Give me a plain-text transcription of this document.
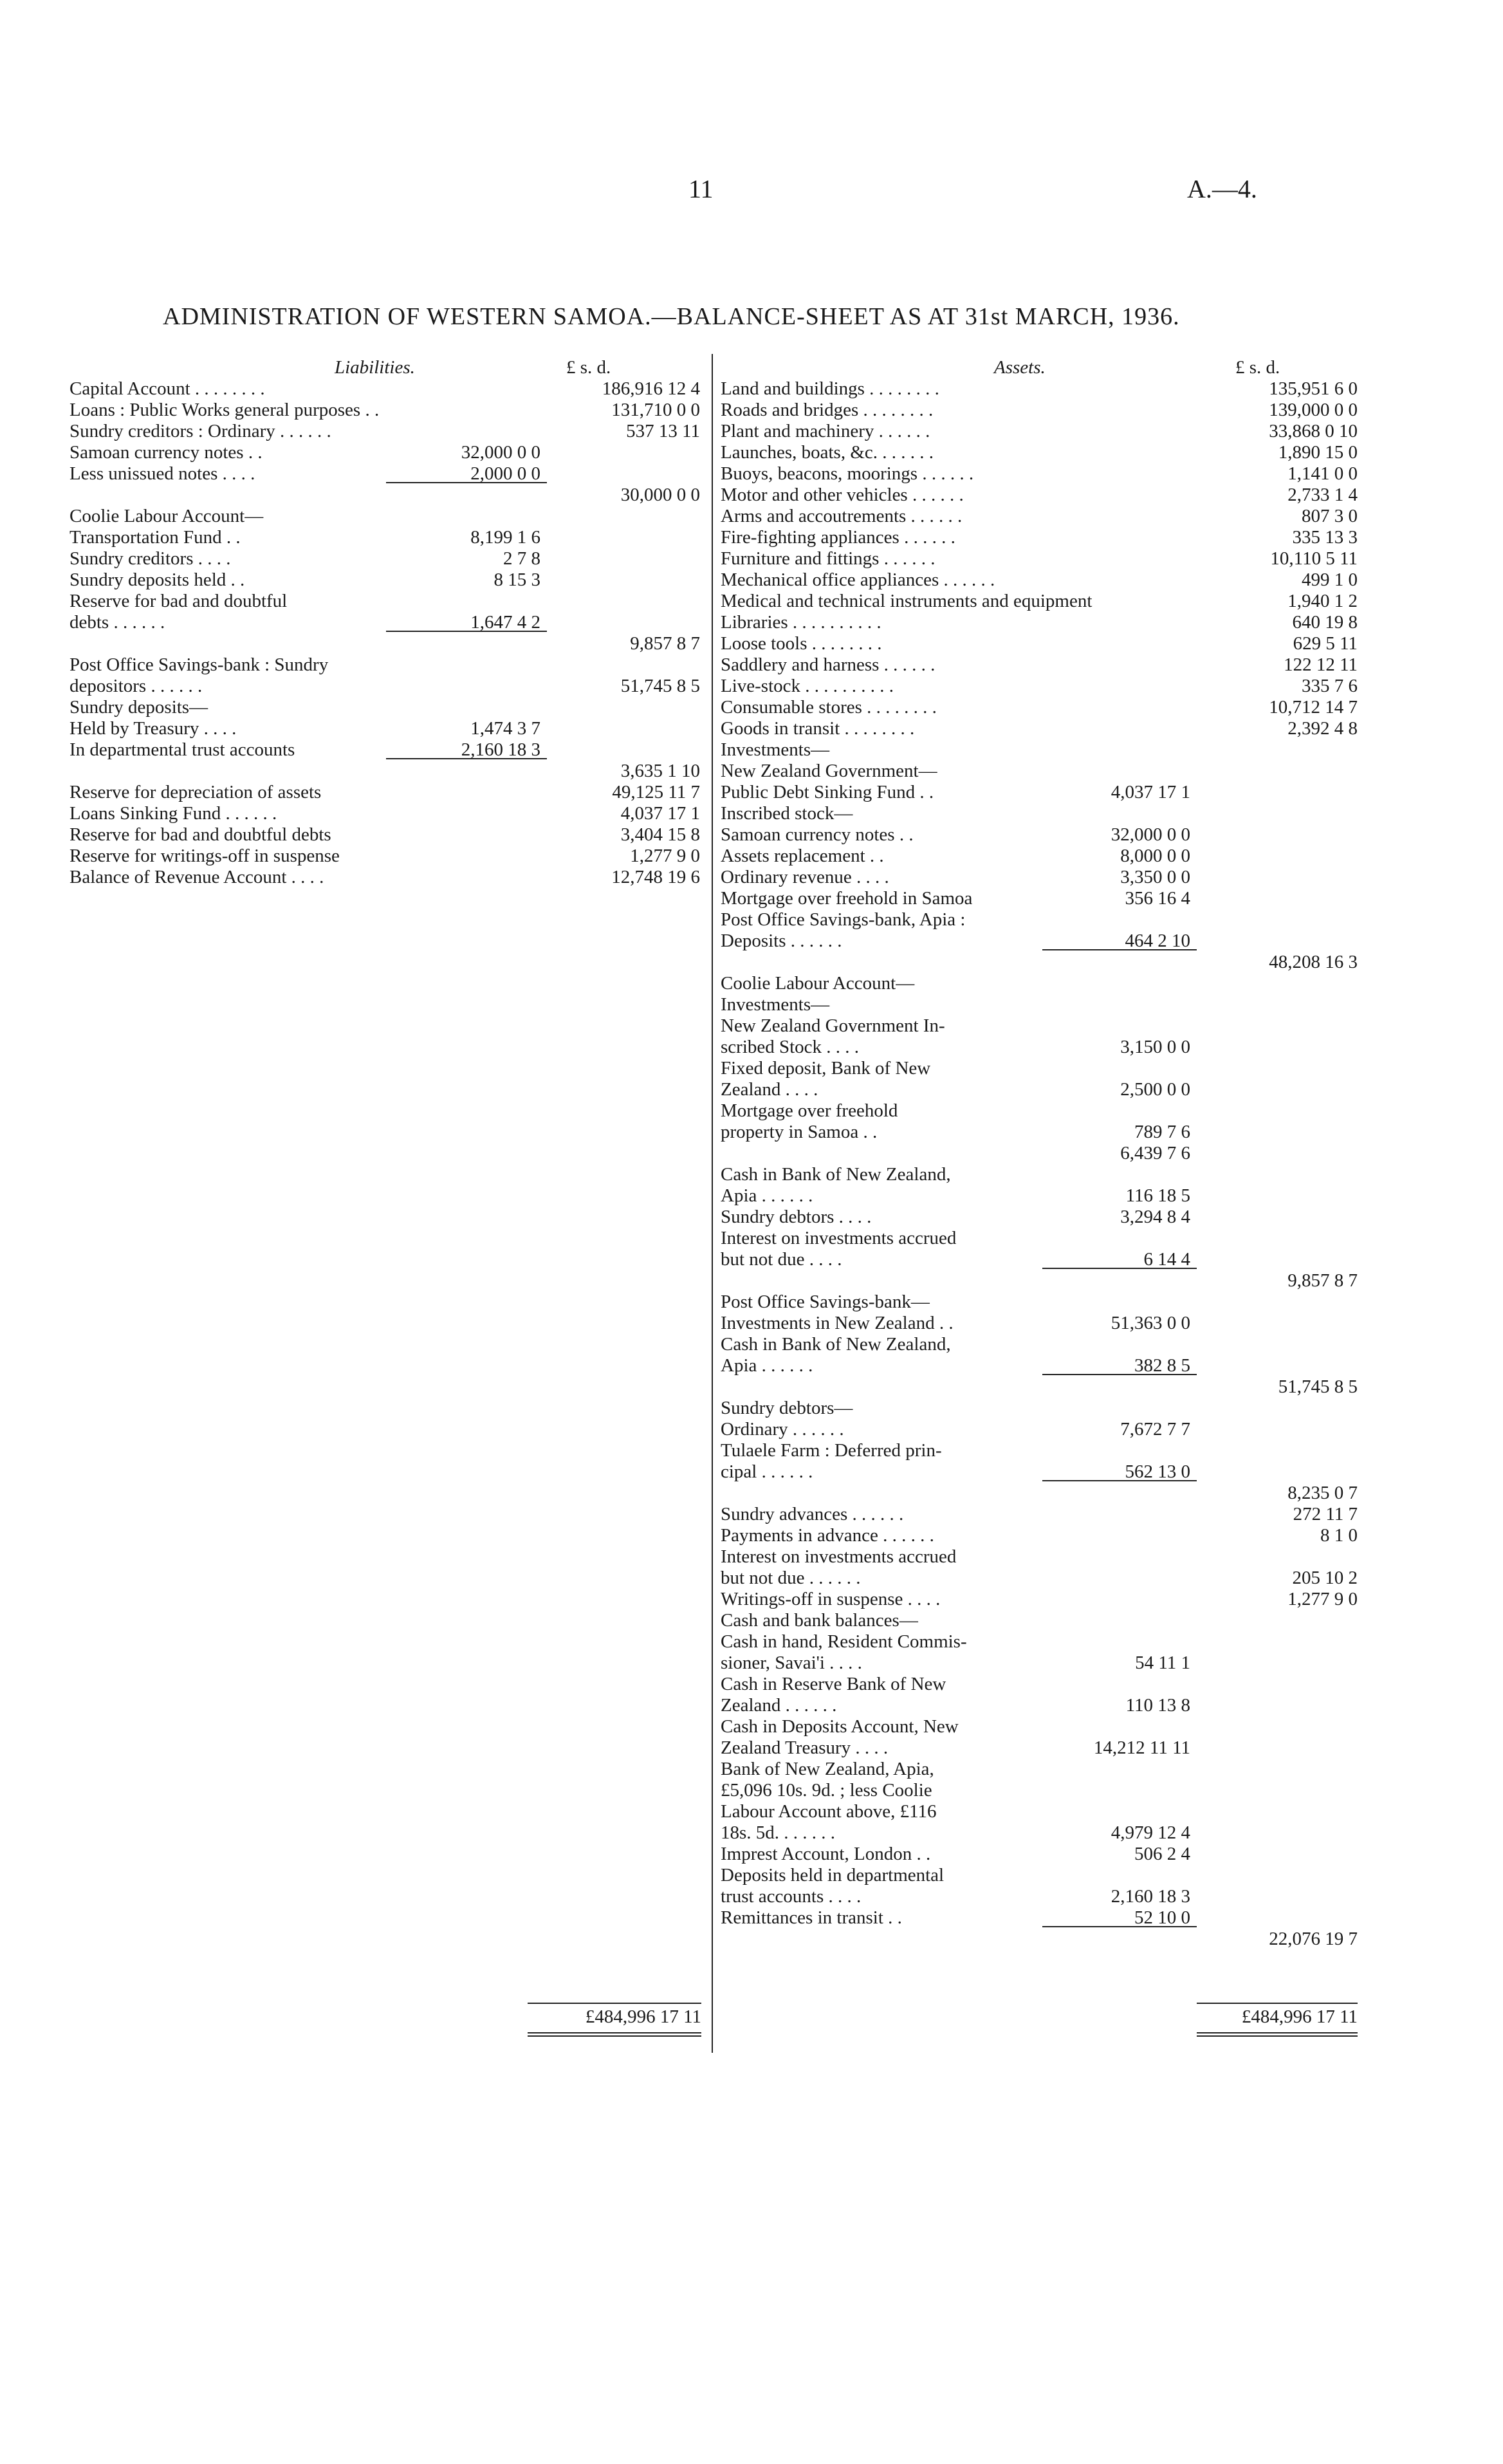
11	A.—4.
ADMINISTRATION OF WESTERN SAMOA.—BALANCE-SHEET AS AT 31st MARCH, 1936.
Liabilities.	£ s. d.
Capital Account . . . . . . . .	186,916 12 4
Loans : Public Works general purposes . .	131,710 0 0
Sundry creditors : Ordinary . . . . . .	537 13 11
Samoan currency notes . .	32,000 0 0
Less unissued notes . . . .	2,000 0 0
30,000 0 0
Coolie Labour Account—
Transportation Fund . .	8,199 1 6
Sundry creditors . . . .	2 7 8
Sundry deposits held . .	8 15 3
Reserve for bad and doubtful
debts . . . . . .	1,647 4 2
9,857 8 7
Post Office Savings-bank : Sundry
depositors . . . . . .	51,745 8 5
Sundry deposits—
Held by Treasury . . . .	1,474 3 7
In departmental trust accounts	2,160 18 3
3,635 1 10
Reserve for depreciation of assets	49,125 11 7
Loans Sinking Fund . . . . . .	4,037 17 1
Reserve for bad and doubtful debts	3,404 15 8
Reserve for writings-off in suspense	1,277 9 0
Balance of Revenue Account . . . .	12,748 19 6
Assets.	£ s. d.
Land and buildings . . . . . . . .	135,951 6 0
Roads and bridges . . . . . . . .	139,000 0 0
Plant and machinery . . . . . .	33,868 0 10
Launches, boats, &c. . . . . . .	1,890 15 0
Buoys, beacons, moorings . . . . . .	1,141 0 0
Motor and other vehicles . . . . . .	2,733 1 4
Arms and accoutrements . . . . . .	807 3 0
Fire-fighting appliances . . . . . .	335 13 3
Furniture and fittings . . . . . .	10,110 5 11
Mechanical office appliances . . . . . .	499 1 0
Medical and technical instruments and equipment	1,940 1 2
Libraries . . . . . . . . . .	640 19 8
Loose tools . . . . . . . .	629 5 11
Saddlery and harness . . . . . .	122 12 11
Live-stock . . . . . . . . . .	335 7 6
Consumable stores . . . . . . . .	10,712 14 7
Goods in transit . . . . . . . .	2,392 4 8
Investments—
New Zealand Government—
Public Debt Sinking Fund . .	4,037 17 1
Inscribed stock—
Samoan currency notes . .	32,000 0 0
Assets replacement . .	8,000 0 0
Ordinary revenue . . . .	3,350 0 0
Mortgage over freehold in Samoa	356 16 4
Post Office Savings-bank, Apia :
Deposits . . . . . .	464 2 10
48,208 16 3
Coolie Labour Account—
Investments—
New Zealand Government In-
scribed Stock . . . .	3,150 0 0
Fixed deposit, Bank of New
Zealand . . . .	2,500 0 0
Mortgage over freehold
property in Samoa . .	789 7 6
6,439 7 6
Cash in Bank of New Zealand,
Apia . . . . . .	116 18 5
Sundry debtors . . . .	3,294 8 4
Interest on investments accrued
but not due . . . .	6 14 4
9,857 8 7
Post Office Savings-bank—
Investments in New Zealand . .	51,363 0 0
Cash in Bank of New Zealand,
Apia . . . . . .	382 8 5
51,745 8 5
Sundry debtors—
Ordinary . . . . . .	7,672 7 7
Tulaele Farm : Deferred prin-
cipal . . . . . .	562 13 0
8,235 0 7
Sundry advances . . . . . .	272 11 7
Payments in advance . . . . . .	8 1 0
Interest on investments accrued
but not due . . . . . .	205 10 2
Writings-off in suspense . . . .	1,277 9 0
Cash and bank balances—
Cash in hand, Resident Commis-
sioner, Savai'i . . . .	54 11 1
Cash in Reserve Bank of New
Zealand . . . . . .	110 13 8
Cash in Deposits Account, New
Zealand Treasury . . . .	14,212 11 11
Bank of New Zealand, Apia,
£5,096 10s. 9d. ; less Coolie
Labour Account above, £116
18s. 5d. . . . . . .	4,979 12 4
Imprest Account, London . .	506 2 4
Deposits held in departmental
trust accounts . . . .	2,160 18 3
Remittances in transit . .	52 10 0
22,076 19 7
£484,996 17 11	£484,996 17 11
